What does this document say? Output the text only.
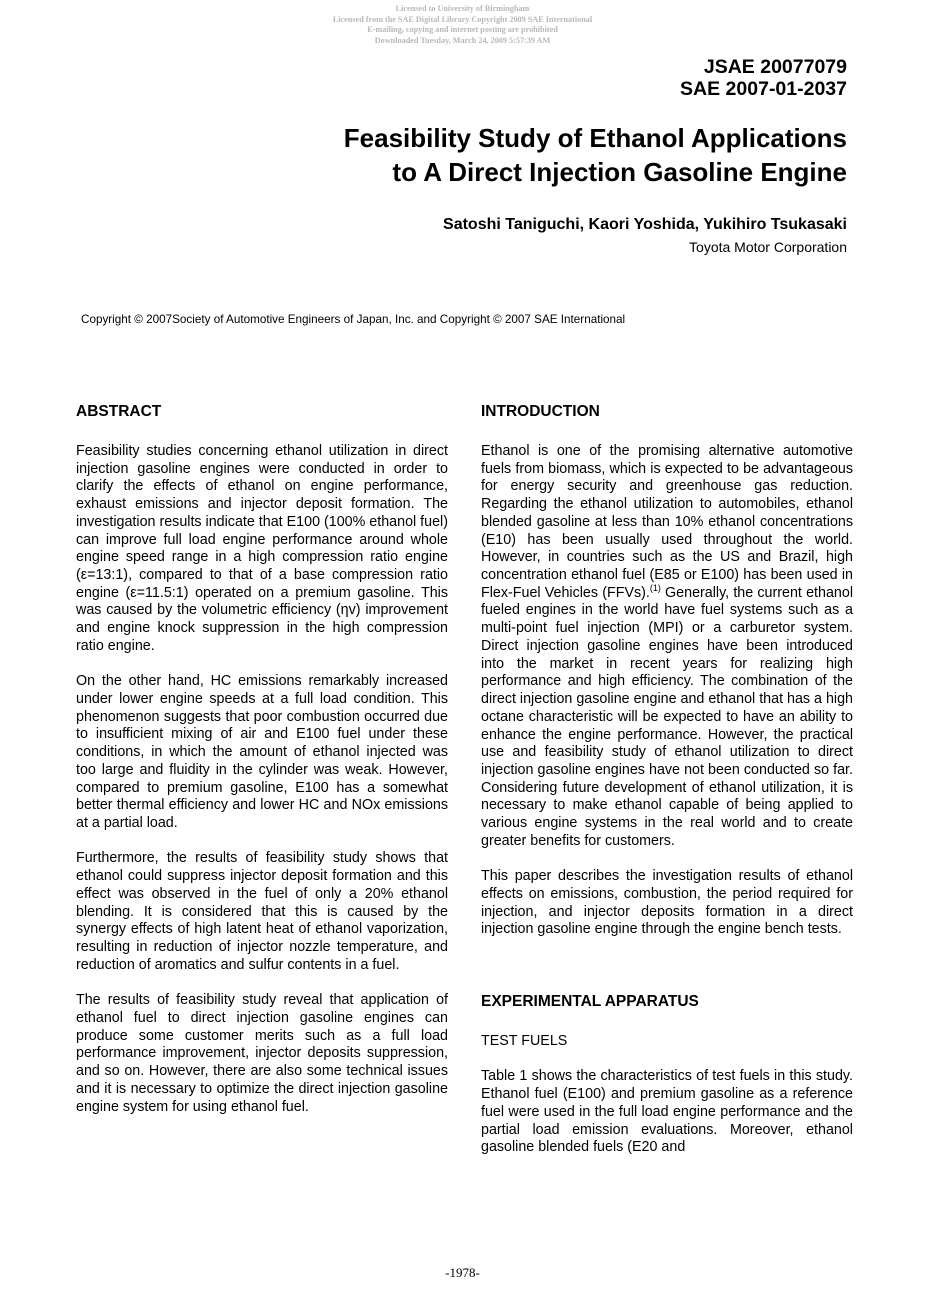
Licensed to University of Birmingham
Licensed from the SAE Digital Library Copyright 2009 SAE International
E-mailing, copying and internet posting are prohibited
Downloaded Tuesday, March 24, 2009 5:57:39 AM
JSAE 20077079
SAE 2007-01-2037
Feasibility Study of Ethanol Applications
to A Direct Injection Gasoline Engine
Satoshi Taniguchi, Kaori Yoshida, Yukihiro Tsukasaki
Toyota Motor Corporation
Copyright © 2007Society of Automotive Engineers of Japan, Inc. and Copyright © 2007 SAE International
ABSTRACT

Feasibility studies concerning ethanol utilization in direct injection gasoline engines were conducted in order to clarify the effects of ethanol on engine performance, exhaust emissions and injector deposit formation. The investigation results indicate that E100 (100% ethanol fuel) can improve full load engine performance around whole engine speed range in a high compression ratio engine (ε=13:1), compared to that of a base compression ratio engine (ε=11.5:1) operated on a premium gasoline. This was caused by the volumetric efficiency (ηv) improvement and engine knock suppression in the high compression ratio engine.

On the other hand, HC emissions remarkably increased under lower engine speeds at a full load condition. This phenomenon suggests that poor combustion occurred due to insufficient mixing of air and E100 fuel under these conditions, in which the amount of ethanol injected was too large and fluidity in the cylinder was weak. However, compared to premium gasoline, E100 has a somewhat better thermal efficiency and lower HC and NOx emissions at a partial load.

Furthermore, the results of feasibility study shows that ethanol could suppress injector deposit formation and this effect was observed in the fuel of only a 20% ethanol blending. It is considered that this is caused by the synergy effects of high latent heat of ethanol vaporization, resulting in reduction of injector nozzle temperature, and reduction of aromatics and sulfur contents in a fuel.

The results of feasibility study reveal that application of ethanol fuel to direct injection gasoline engines can produce some customer merits such as a full load performance improvement, injector deposits suppression, and so on. However, there are also some technical issues and it is necessary to optimize the direct injection gasoline engine system for using ethanol fuel.

INTRODUCTION

Ethanol is one of the promising alternative automotive fuels from biomass, which is expected to be advantageous for energy security and greenhouse gas reduction. Regarding the ethanol utilization to automobiles, ethanol blended gasoline at less than 10% ethanol concentrations (E10) has been usually used throughout the world. However, in countries such as the US and Brazil, high concentration ethanol fuel (E85 or E100) has been used in Flex-Fuel Vehicles (FFVs).$^{(1)}$ Generally, the current ethanol fueled engines in the world have fuel systems such as a multi-point fuel injection (MPI) or a carburetor system. Direct injection gasoline engines have been introduced into the market in recent years for realizing high performance and high efficiency. The combination of the direct injection gasoline engine and ethanol that has a high octane characteristic will be expected to have an ability to enhance the engine performance. However, the practical use and feasibility study of ethanol utilization to direct injection gasoline engines have not been conducted so far. Considering future development of ethanol utilization, it is necessary to make ethanol capable of being applied to various engine systems in the real world and to create greater benefits for customers.

This paper describes the investigation results of ethanol effects on emissions, combustion, the period required for injection, and injector deposits formation in a direct injection gasoline engine through the engine bench tests.

EXPERIMENTAL APPARATUS
TEST FUELS

Table 1 shows the characteristics of test fuels in this study. Ethanol fuel (E100) and premium gasoline as a reference fuel were used in the full load engine performance and the partial load emission evaluations. Moreover, ethanol gasoline blended fuels (E20 and

-1978-
